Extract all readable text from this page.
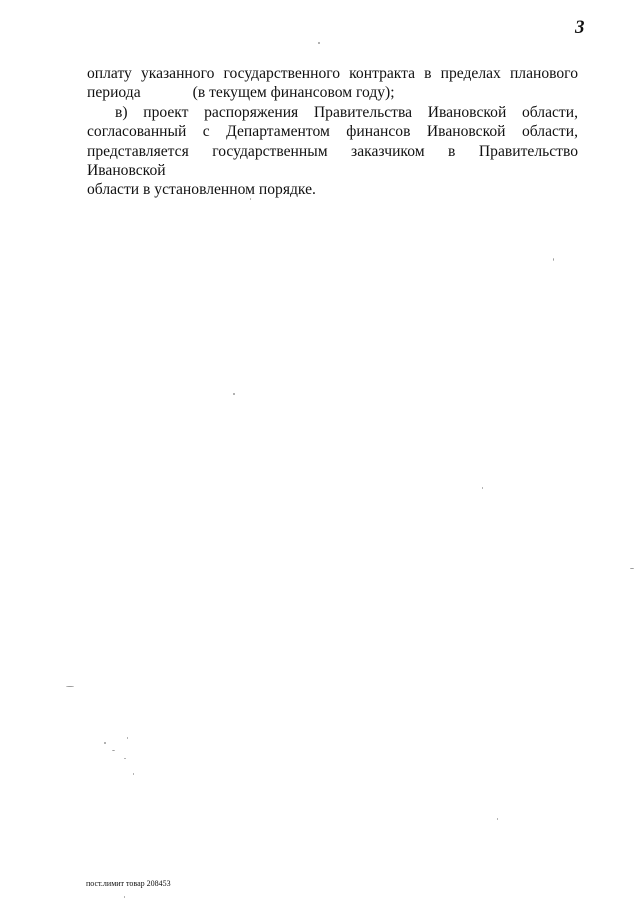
3
оплату указанного государственного контракта в пределах планового
периода	(в текущем финансовом году);
в) проект распоряжения Правительства Ивановской области,
согласованный с Департаментом финансов Ивановской области,
представляется государственным заказчиком в Правительство Ивановской
области в установленном порядке.
пост.лимит товар 208453
